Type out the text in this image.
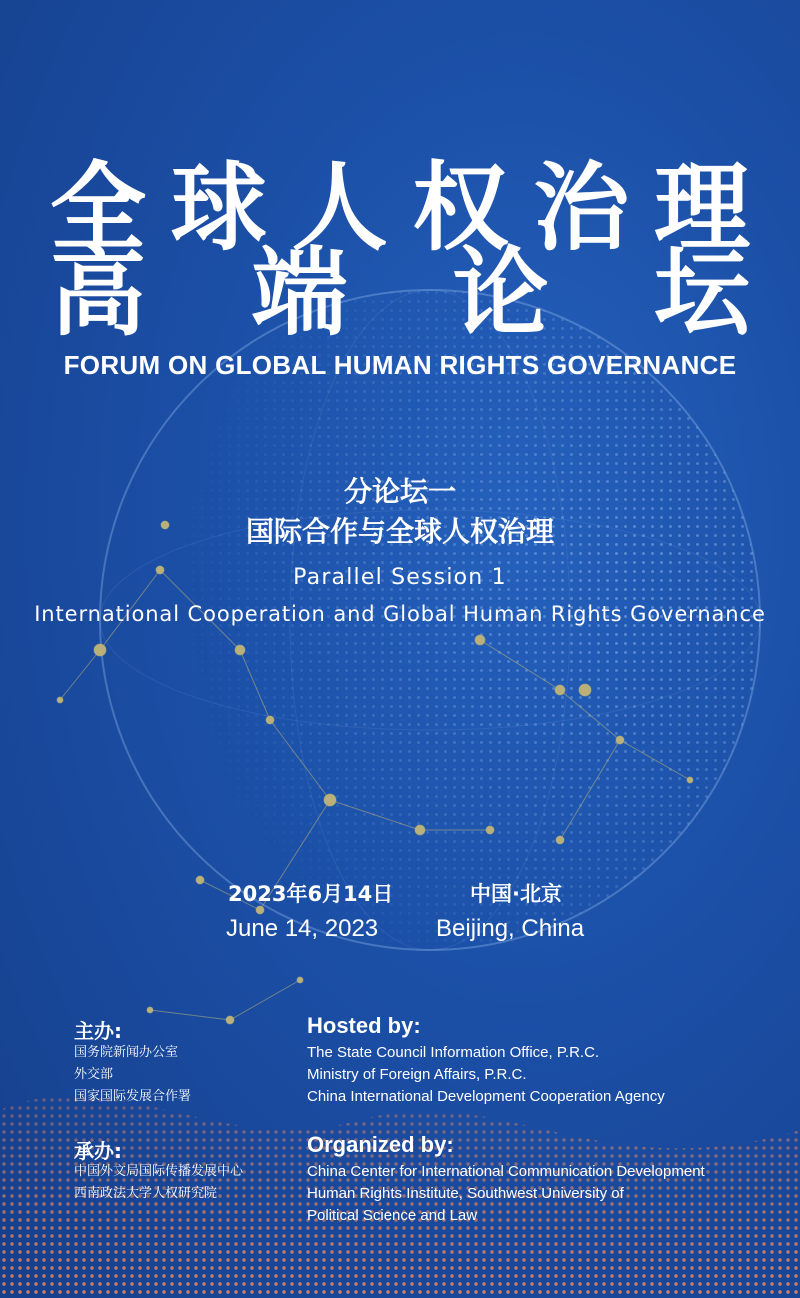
全 球 人 权 治 理
高 端 论 坛
FORUM ON GLOBAL HUMAN RIGHTS GOVERNANCE
分论坛一
国际合作与全球人权治理
Parallel Session 1
International Cooperation and Global Human Rights Governance
2023年6月14日
June 14, 2023
中国·北京
Beijing, China
主办:
国务院新闻办公室
外交部
国家国际发展合作署
Hosted by:
The State Council Information Office, P.R.C.
Ministry of Foreign Affairs, P.R.C.
China International Development Cooperation Agency
承办:
中国外文局国际传播发展中心
西南政法大学人权研究院
Organized by:
China Center for International Communication Development
Human Rights Institute, Southwest University of
Political Science and Law
